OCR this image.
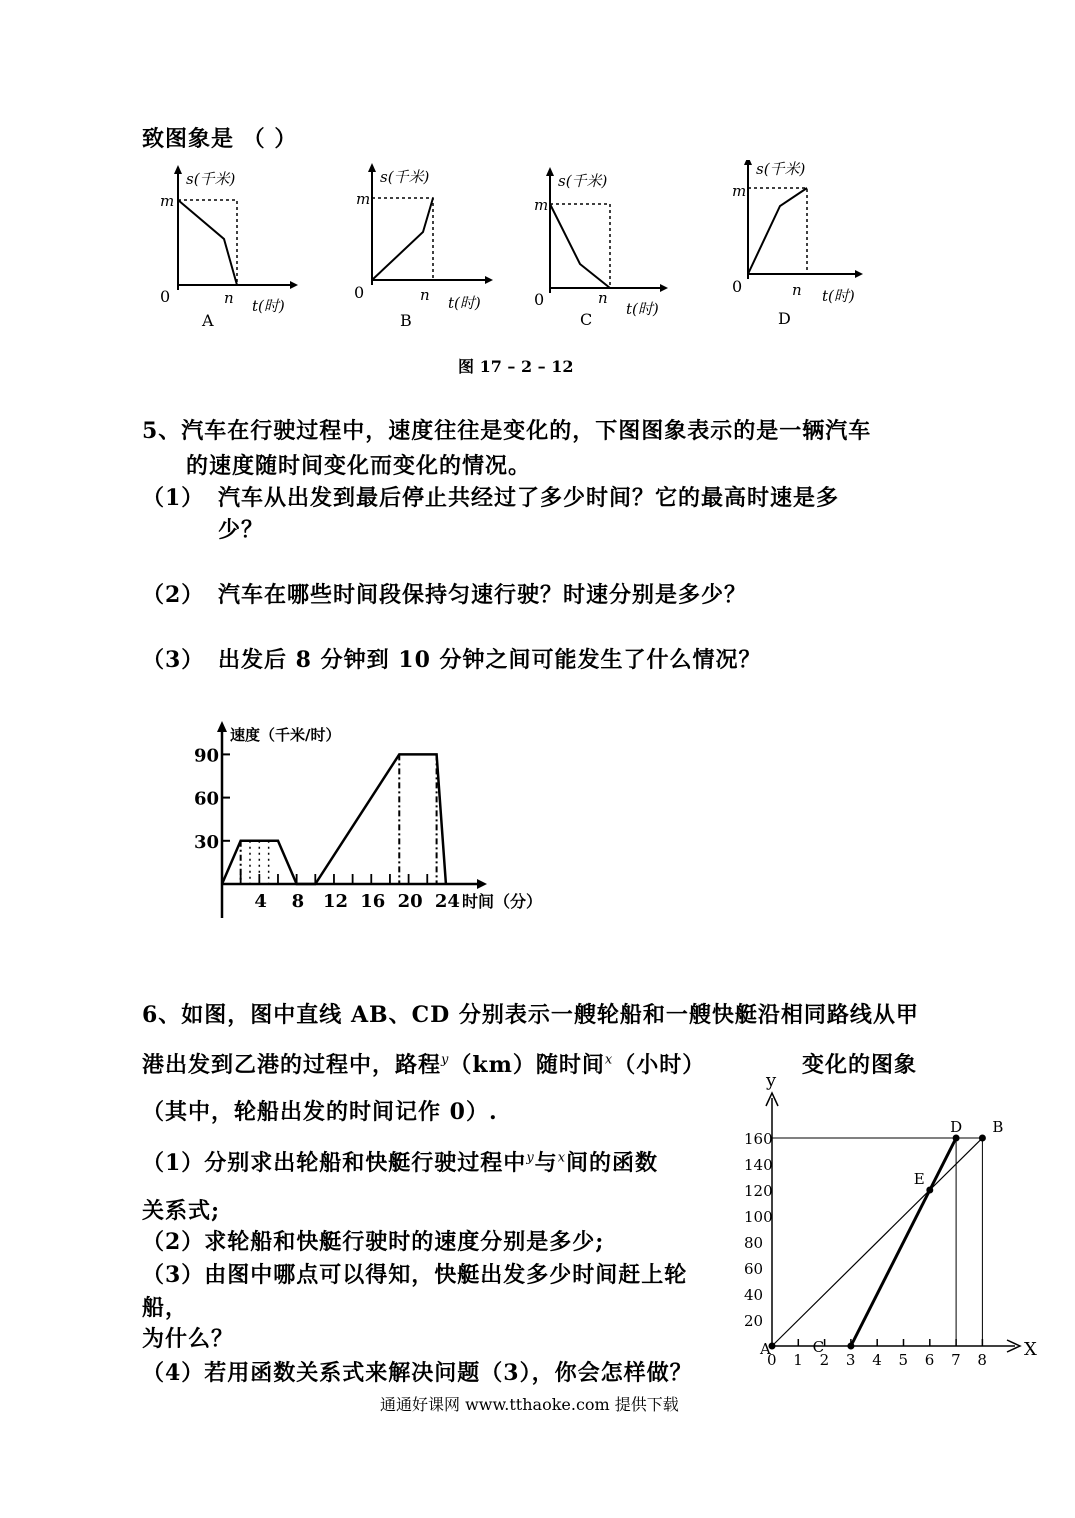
致图象是 （ ）
s(千米)
m
0	n t(时)
A
s(千米)
m
0	n t(时)
B
s(千米)
m
0	n
t(时)
C
s(千米)
m
0	n t(时)
D
图 17 – 2 – 12
5、汽车在行驶过程中，速度往往是变化的，下图图象表示的是一辆汽车
的速度随时间变化而变化的情况。
（1） 汽车从出发到最后停止共经过了多少时间？它的最高时速是多
少？
（2） 汽车在哪些时间段保持匀速行驶？时速分别是多少？
（3） 出发后 8 分钟到 10 分钟之间可能发生了什么情况？
速度（千米/时）
时间（分）
30
60
90
4 8 12 16 20 24
6、如图，图中直线 AB、CD 分别表示一艘轮船和一艘快艇沿相同路线从甲
港出发到乙港的过程中，路程$^y$（km）随时间$^x$（小时）	变化的图象
（其中，轮船出发的时间记作 0）.
（1）分别求出轮船和快艇行驶过程中$^y$与$^x$间的函数
关系式;
（2）求轮船和快艇行驶时的速度分别是多少;
（3）由图中哪点可以得知，快艇出发多少时间赶上轮
船，
为什么？
（4）若用函数关系式来解决问题（3），你会怎样做？
y
X
20
40
60
80
100
120
140
160
0 1 2 3 4 5 6 7 8
A	C
D B
E
通通好课网 www.tthaoke.com 提供下载
